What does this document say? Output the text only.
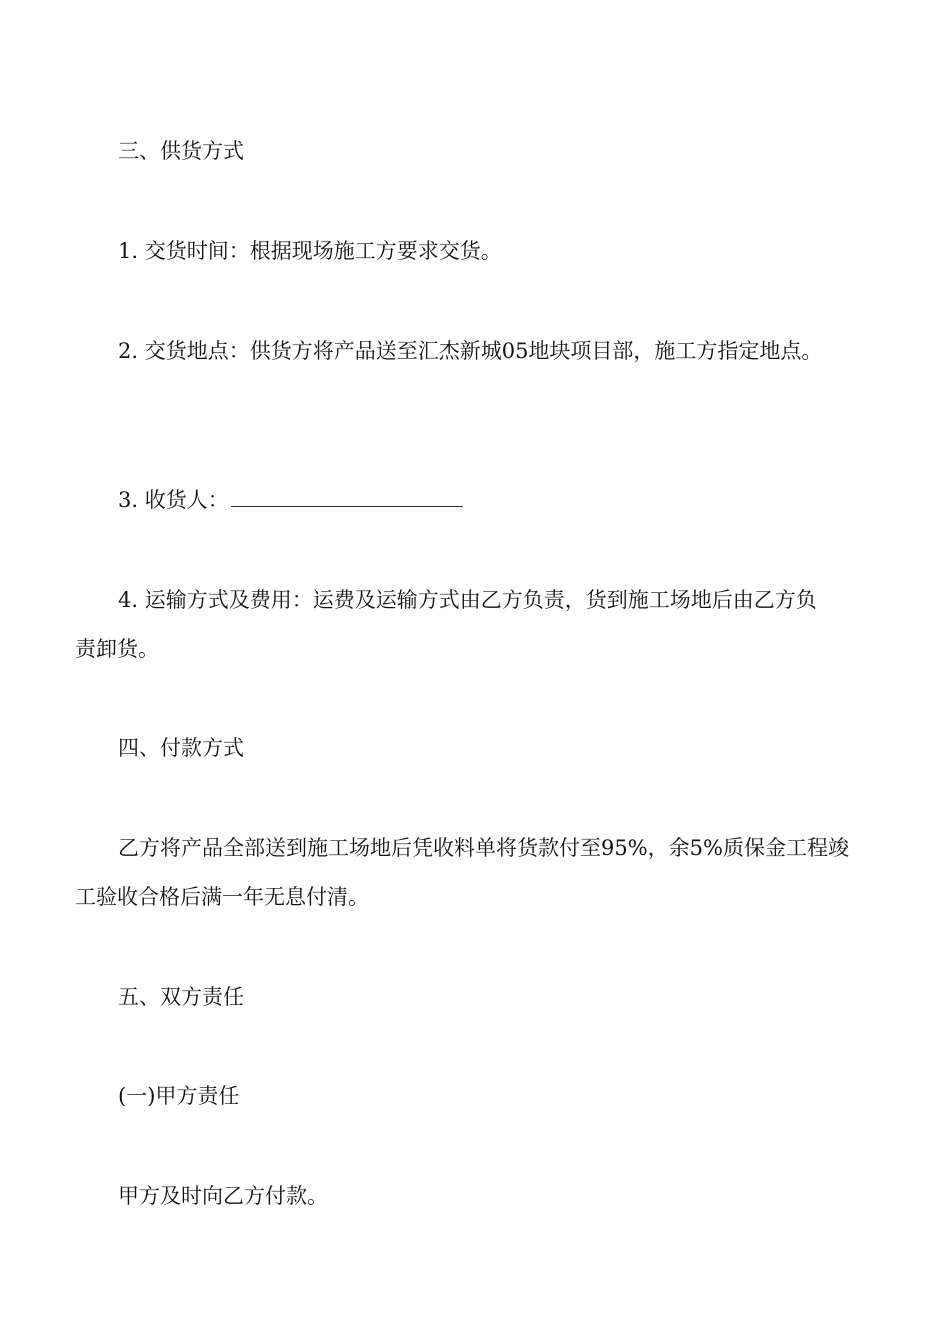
三、供货方式
1. 交货时间：根据现场施工方要求交货。
2. 交货地点：供货方将产品送至汇杰新城05地块项目部，施工方指定地点。
3. 收货人：
4. 运输方式及费用：运费及运输方式由乙方负责，货到施工场地后由乙方负
责卸货。
四、付款方式
乙方将产品全部送到施工场地后凭收料单将货款付至95%，余5%质保金工程竣
工验收合格后满一年无息付清。
五、双方责任
(一)甲方责任
甲方及时向乙方付款。
